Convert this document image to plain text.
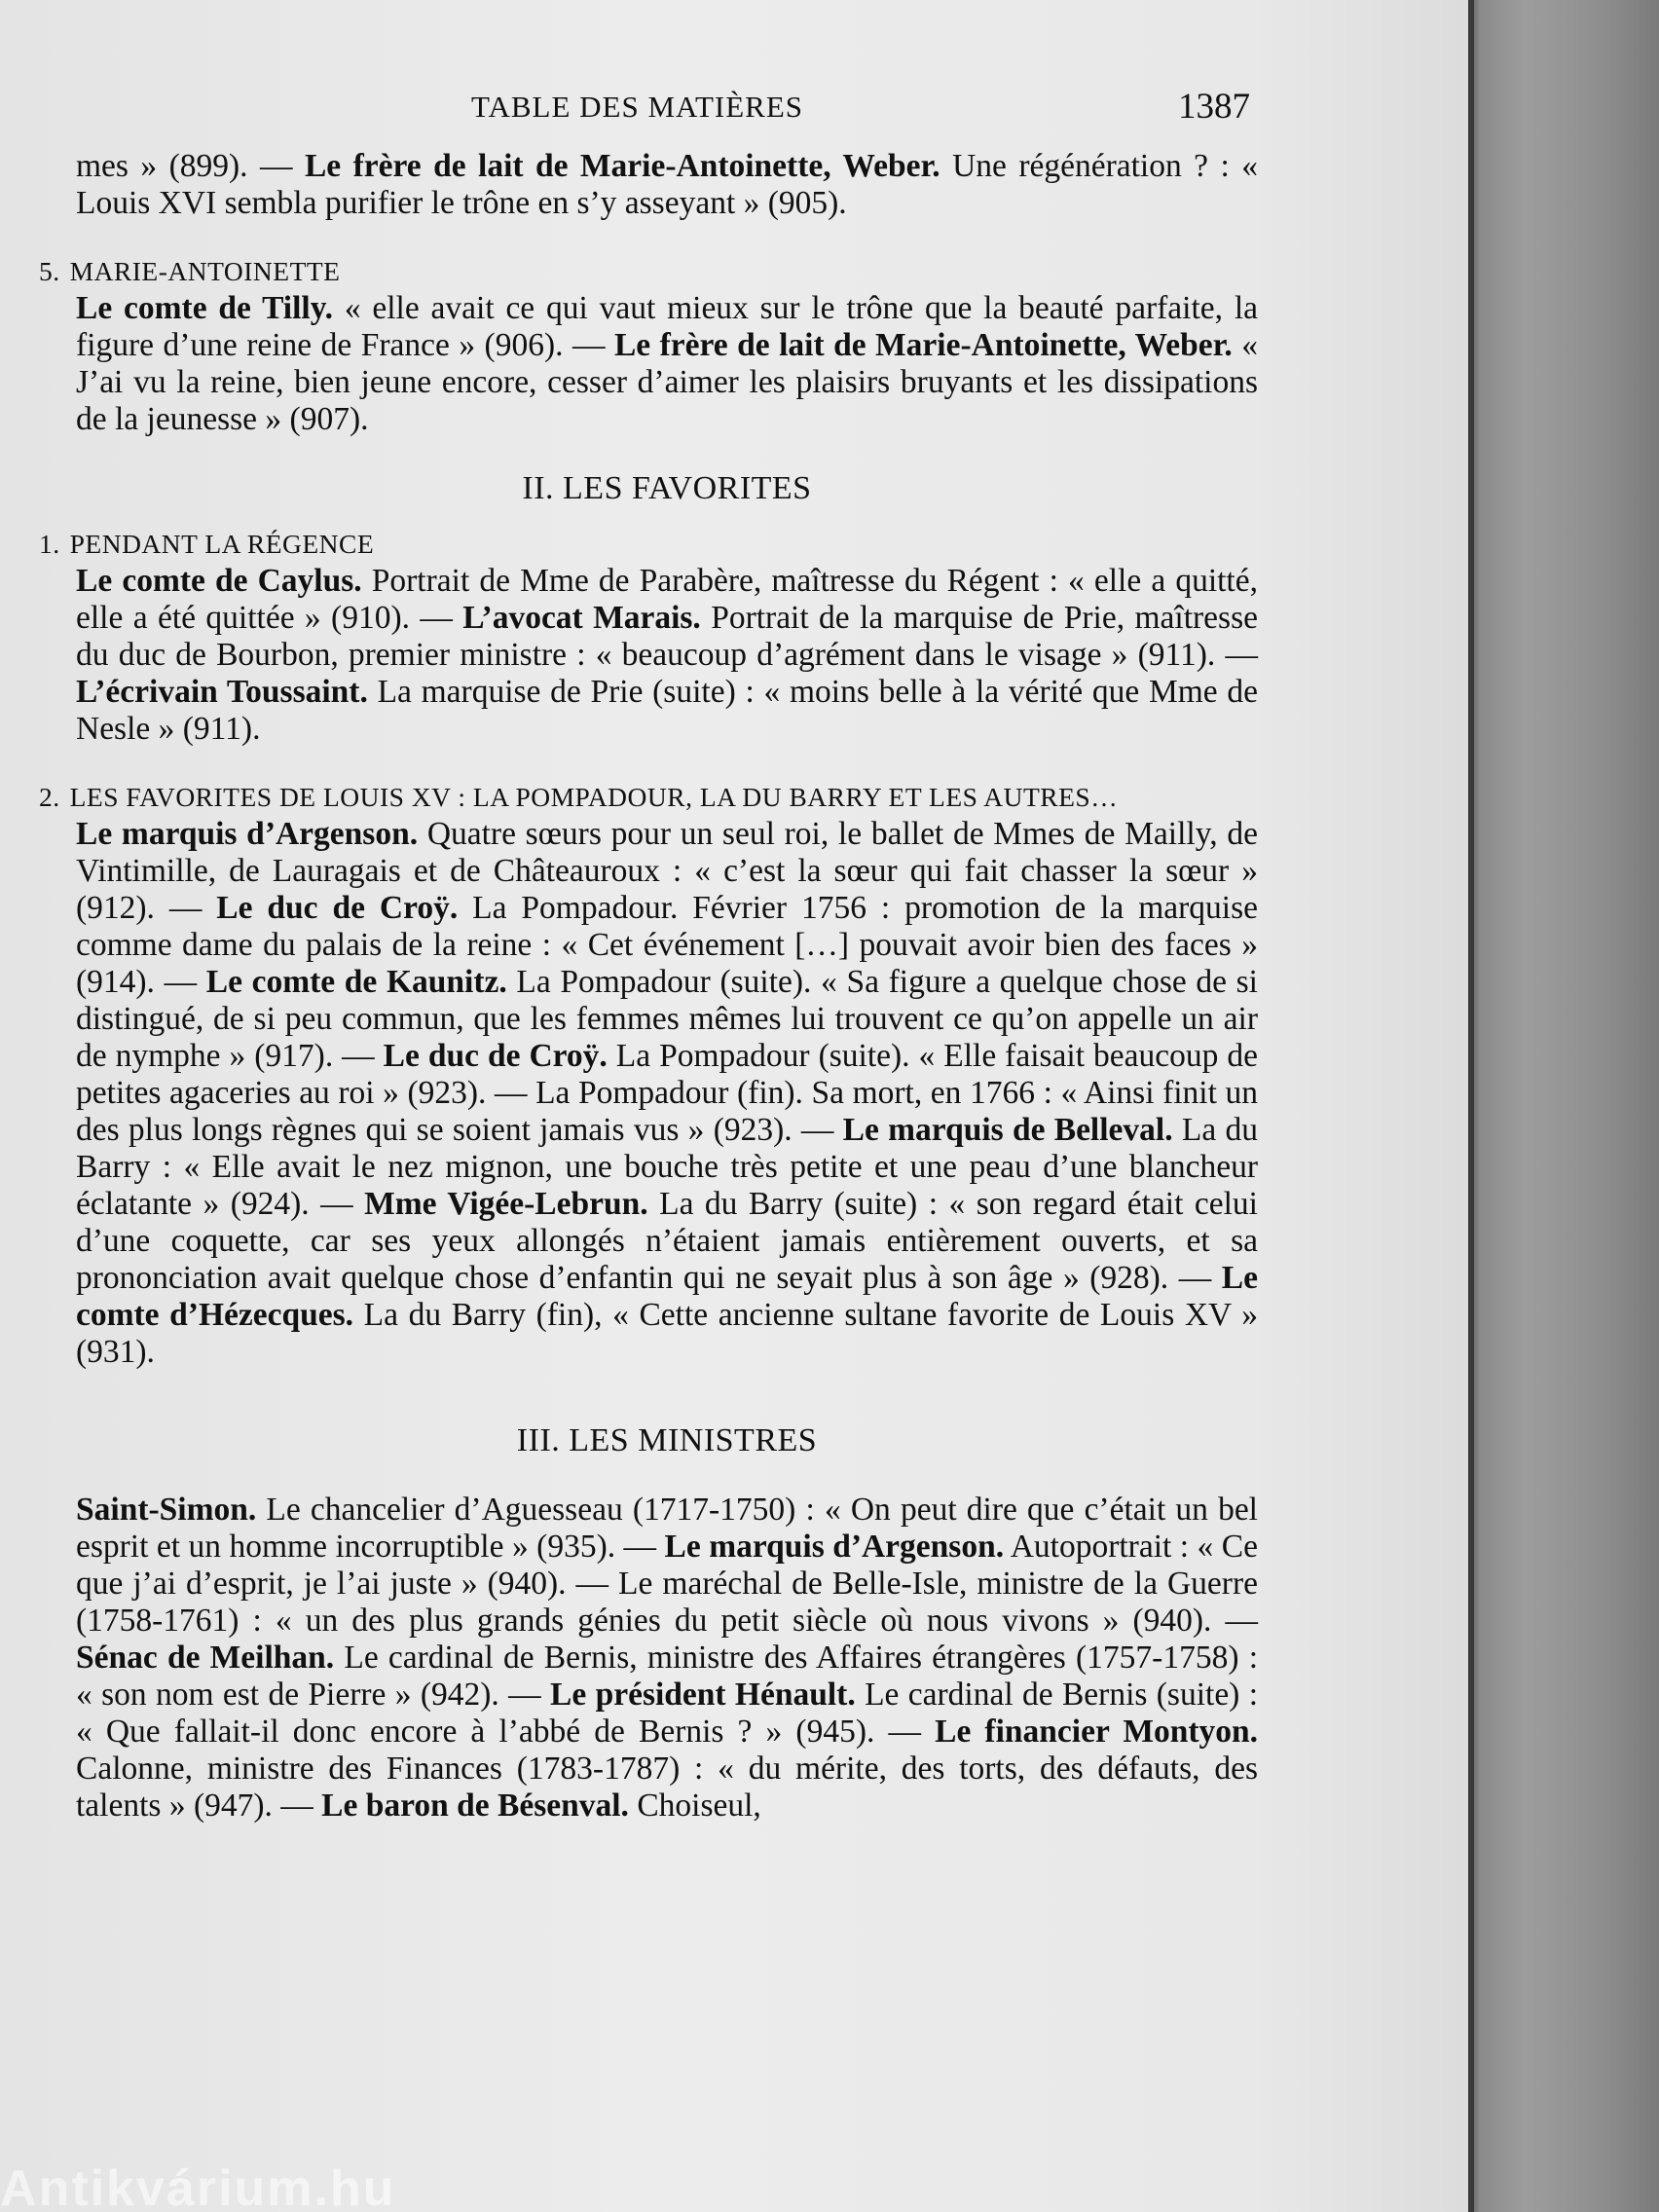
TABLE DES MATIÈRES	1387

mes » (899). — Le frère de lait de Marie-Antoinette, Weber. Une régénération ? : « Louis XVI sembla purifier le trône en s’y asseyant » (905).

5. MARIE-ANTOINETTE

Le comte de Tilly. « elle avait ce qui vaut mieux sur le trône que la beauté parfaite, la figure d’une reine de France » (906). — Le frère de lait de Marie-Antoinette, Weber. « J’ai vu la reine, bien jeune encore, cesser d’aimer les plaisirs bruyants et les dissipations de la jeunesse » (907).

II. LES FAVORITES
1. PENDANT LA RÉGENCE

Le comte de Caylus. Portrait de Mme de Parabère, maîtresse du Régent : « elle a quitté, elle a été quittée » (910). — L’avocat Marais. Portrait de la marquise de Prie, maîtresse du duc de Bourbon, premier ministre : « beaucoup d’agrément dans le visage » (911). — L’écrivain Toussaint. La marquise de Prie (suite) : « moins belle à la vérité que Mme de Nesle » (911).

2. LES FAVORITES DE LOUIS XV : LA POMPADOUR, LA DU BARRY ET LES AUTRES…

Le marquis d’Argenson. Quatre sœurs pour un seul roi, le ballet de Mmes de Mailly, de Vintimille, de Lauragais et de Châteauroux : « c’est la sœur qui fait chasser la sœur » (912). — Le duc de Croÿ. La Pompadour. Février 1756 : promotion de la marquise comme dame du palais de la reine : « Cet événement […] pouvait avoir bien des faces » (914). — Le comte de Kaunitz. La Pompadour (suite). « Sa figure a quelque chose de si distingué, de si peu commun, que les femmes mêmes lui trouvent ce qu’on appelle un air de nymphe » (917). — Le duc de Croÿ. La Pompadour (suite). « Elle faisait beaucoup de petites agaceries au roi » (923). — La Pompadour (fin). Sa mort, en 1766 : « Ainsi finit un des plus longs règnes qui se soient jamais vus » (923). — Le marquis de Belleval. La du Barry : « Elle avait le nez mignon, une bouche très petite et une peau d’une blancheur éclatante » (924). — Mme Vigée-Lebrun. La du Barry (suite) : « son regard était celui d’une coquette, car ses yeux allongés n’étaient jamais entièrement ouverts, et sa prononciation avait quelque chose d’enfantin qui ne seyait plus à son âge » (928). — Le comte d’Hézecques. La du Barry (fin), « Cette ancienne sultane favorite de Louis XV » (931).

III. LES MINISTRES

Saint-Simon. Le chancelier d’Aguesseau (1717-1750) : « On peut dire que c’était un bel esprit et un homme incorruptible » (935). — Le marquis d’Argenson. Autoportrait : « Ce que j’ai d’esprit, je l’ai juste » (940). — Le maréchal de Belle-Isle, ministre de la Guerre (1758-1761) : « un des plus grands génies du petit siècle où nous vivons » (940). — Sénac de Meilhan. Le cardinal de Bernis, ministre des Affaires étrangères (1757-1758) : « son nom est de Pierre » (942). — Le président Hénault. Le cardinal de Bernis (suite) : « Que fallait-il donc encore à l’abbé de Bernis ? » (945). — Le financier Montyon. Calonne, ministre des Finances (1783-1787) : « du mérite, des torts, des défauts, des talents » (947). — Le baron de Bésenval. Choiseul,

Antikvárium.hu
